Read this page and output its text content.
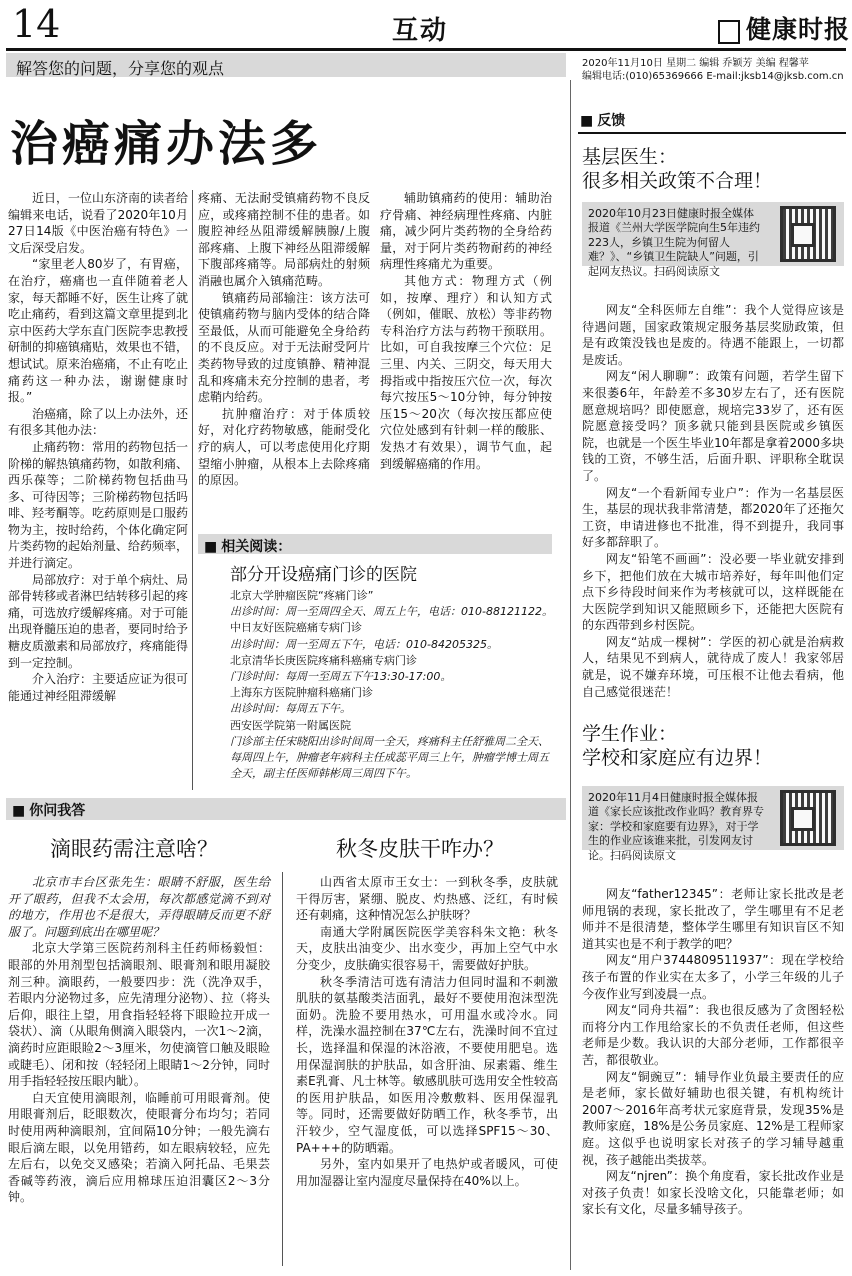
14	互动	健康时报
解答您的问题，分享您的观点	2020年11月10日 星期二 编辑 乔颖芳 美编 程馨苹
编辑电话:(010)65369666 E-mail:jksb14@jksb.com.cn
治癌痛办法多

近日，一位山东济南的读者给编辑来电话，说看了2020年10月27日14版《中医治癌有特色》一文后深受启发。

“家里老人80岁了，有胃癌，在治疗，癌痛也一直伴随着老人家，每天都睡不好，医生让疼了就吃止痛药，看到这篇文章里提到北京中医药大学东直门医院李忠教授研制的抑癌镇痛贴，效果也不错，想试试。原来治癌痛，不止有吃止痛药这一种办法，谢谢健康时报。”

治癌痛，除了以上办法外，还有很多其他办法：

止痛药物：常用的药物包括一阶梯的解热镇痛药物，如散利痛、西乐葆等；二阶梯药物包括曲马多、可待因等；三阶梯药物包括吗啡、羟考酮等。吃药原则是口服药物为主，按时给药，个体化确定阿片类药物的起始剂量、给药频率，并进行滴定。

局部放疗：对于单个病灶、局部骨转移或者淋巴结转移引起的疼痛，可选放疗缓解疼痛。对于可能出现脊髓压迫的患者，要同时给予糖皮质激素和局部放疗，疼痛能得到一定控制。

介入治疗：主要适应证为很可能通过神经阻滞缓解

疼痛、无法耐受镇痛药物不良反应，或疼痛控制不佳的患者。如腹腔神经丛阻滞缓解胰腺/上腹部疼痛、上腹下神经丛阻滞缓解下腹部疼痛等。局部病灶的射频消融也属介入镇痛范畴。

镇痛药局部输注：该方法可使镇痛药物与脑内受体的结合降至最低，从而可能避免全身给药的不良反应。对于无法耐受阿片类药物导致的过度镇静、精神混乱和疼痛未充分控制的患者，考虑鞘内给药。

抗肿瘤治疗：对于体质较好，对化疗药物敏感，能耐受化疗的病人，可以考虑使用化疗期望缩小肿瘤，从根本上去除疼痛的原因。

辅助镇痛药的使用：辅助治疗骨痛、神经病理性疼痛、内脏痛，减少阿片类药物的全身给药量，对于阿片类药物耐药的神经病理性疼痛尤为重要。

其他方式：物理方式（例如，按摩、理疗）和认知方式（例如，催眠、放松）等非药物专科治疗方法与药物干预联用。比如，可自我按摩三个穴位：足三里、内关、三阴交，每天用大拇指或中指按压穴位一次，每次每穴按压5～10分钟，每分钟按压15～20次（每次按压都应使穴位处感到有针刺一样的酸胀、发热才有效果），调节气血，起到缓解癌痛的作用。

■ 相关阅读：
部分开设癌痛门诊的医院
北京大学肿瘤医院“疼痛门诊”
出诊时间：周一至周四全天、周五上午，电话：010-88121122。
中日友好医院癌痛专病门诊
出诊时间：周一至周五下午，电话：010-84205325。
北京清华长庚医院疼痛科癌痛专病门诊
门诊时间：每周一至周五下午13:30-17:00。
上海东方医院肿瘤科癌痛门诊
出诊时间：每周五下午。
西安医学院第一附属医院
门诊部主任宋晓阳出诊时间周一全天，疼痛科主任舒雅周二全天、每周四上午，肿瘤老年病科主任成蕊平周三上午，肿瘤学博士周五全天，副主任医师韩彬周三周四下午。
■ 你问我答
滴眼药需注意啥？	秋冬皮肤干咋办？

北京市丰台区张先生：眼睛不舒服，医生给开了眼药，但我不太会用，每次都感觉滴不到对的地方，作用也不是很大，弄得眼睛反而更不舒服了。问题到底出在哪里呢？

北京大学第三医院药剂科主任药师杨毅恒：眼部的外用剂型包括滴眼剂、眼膏剂和眼用凝胶剂三种。滴眼药，一般要四步：洗（洗净双手，若眼内分泌物过多，应先清理分泌物）、拉（将头后仰，眼往上望，用食指轻轻将下眼睑拉开成一袋状）、滴（从眼角侧滴入眼袋内，一次1～2滴，滴药时应距眼睑2～3厘米，勿使滴管口触及眼睑或睫毛）、闭和按（轻轻闭上眼睛1～2分钟，同时用手指轻轻按压眼内眦）。

白天宜使用滴眼剂，临睡前可用眼膏剂。使用眼膏剂后，眨眼数次，使眼膏分布均匀；若同时使用两种滴眼剂，宜间隔10分钟；一般先滴右眼后滴左眼，以免用错药，如左眼病较轻，应先左后右，以免交叉感染；若滴入阿托品、毛果芸香碱等药液，滴后应用棉球压迫泪囊区2～3分钟。

山西省太原市王女士：一到秋冬季，皮肤就干得厉害，紧绷、脱皮、灼热感、泛红，有时候还有刺痛，这种情况怎么护肤呀？

南通大学附属医院医学美容科朱文艳：秋冬天，皮肤出油变少、出水变少，再加上空气中水分变少，皮肤确实很容易干，需要做好护肤。

秋冬季清洁可选有清洁力但同时温和不刺激肌肤的氨基酸类洁面乳，最好不要使用泡沫型洗面奶。洗脸不要用热水，可用温水或冷水。同样，洗澡水温控制在37℃左右，洗澡时间不宜过长，选择温和保湿的沐浴液，不要使用肥皂。选用保湿润肤的护肤品，如含肝油、尿素霜、维生素E乳膏、凡士林等。敏感肌肤可选用安全性较高的医用护肤品，如医用冷敷敷料、医用保湿乳等。同时，还需要做好防晒工作，秋冬季节，出汗较少，空气湿度低，可以选择SPF15～30、PA+++的防晒霜。

另外，室内如果开了电热炉或者暖风，可使用加湿器让室内湿度尽量保持在40%以上。

■ 反馈
基层医生：
很多相关政策不合理！
2020年10月23日健康时报全媒体报道《兰州大学医学院向生5年违约223人，乡镇卫生院为何留人难？》、“乡镇卫生院缺人”问题，引起网友热议。扫码阅读原文

网友“全科医师左自维”：我个人觉得应该是待遇问题，国家政策规定服务基层奖励政策，但是有政策没钱也是废的。待遇不能跟上，一切都是废话。

网友“闲人聊聊”：政策有问题，若学生留下来很萎6年，年龄差不多30岁左右了，还有医院愿意规培吗？即使愿意，规培完33岁了，还有医院愿意接受吗？顶多就只能到县医院或乡镇医院，也就是一个医生毕业10年都是拿着2000多块钱的工资，不够生活，后面升职、评职称全耽误了。

网友“一个看新闻专业户”：作为一名基层医生，基层的现状我非常清楚，都2020年了还拖欠工资，申请进修也不批准，得不到提升，我同事好多都辞职了。

网友“铅笔不画画”：没必要一毕业就安排到乡下，把他们放在大城市培养好，每年叫他们定点下乡待段时间来作为考核就可以，这样既能在大医院学到知识又能照顾乡下，还能把大医院有的东西带到乡村医院。

网友“站成一棵树”：学医的初心就是治病救人，结果见不到病人，就待成了废人！我家邻居就是，说不嫌弃环境，可压根不让他去看病，他自己感觉很迷茫！

学生作业：
学校和家庭应有边界！
2020年11月4日健康时报全媒体报道《家长应该批改作业吗？教育界专家：学校和家庭要有边界》，对于学生的作业应该谁来批，引发网友讨论。扫码阅读原文

网友“father12345”：老师让家长批改是老师甩锅的表现，家长批改了，学生哪里有不足老师并不是很清楚，整体学生哪里有知识盲区不知道其实也是不利于教学的吧？

网友“用户3744809511937”：现在学校给孩子布置的作业实在太多了，小学三年级的儿子今夜作业写到凌晨一点。

网友“同舟共福”：我也很反感为了贪图轻松而将分内工作甩给家长的不负责任老师，但这些老师是少数。我认识的大部分老师，工作都很辛苦，都很敬业。

网友“铜豌豆”：辅导作业负最主要责任的应是老师，家长做好辅助也很关键，有机构统计2007～2016年高考状元家庭背景，发现35%是教师家庭，18%是公务员家庭、12%是工程师家庭。这似乎也说明家长对孩子的学习辅导越重视，孩子越能出类拔萃。

网友“njren”：换个角度看，家长批改作业是对孩子负责！如家长没啥文化，只能靠老师；如家长有文化，尽量多辅导孩子。
